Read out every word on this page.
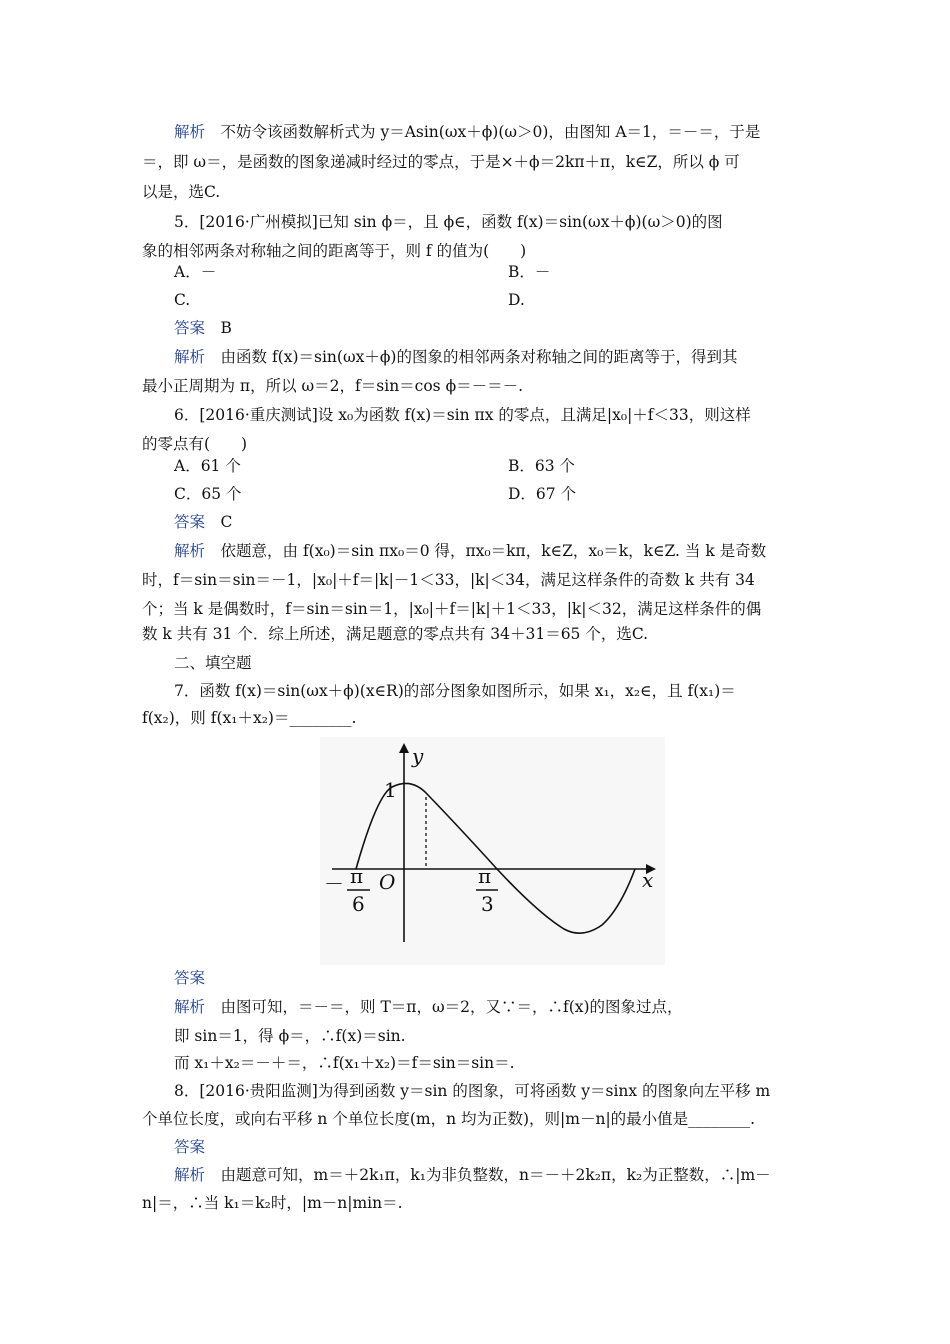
解析　不妨令该函数解析式为 y＝Asin(ωx＋ϕ)(ω＞0)，由图知 A＝1，＝－＝，于是
＝，即 ω＝，是函数的图象递减时经过的零点，于是×＋ϕ＝2kπ＋π，k∈Z，所以 ϕ 可
以是，选C.
5．[2016·广州模拟]已知 sin ϕ＝，且 ϕ∈，函数 f(x)＝sin(ωx＋ϕ)(ω＞0)的图
象的相邻两条对称轴之间的距离等于，则 f 的值为(　　)
A．－	B．－
C.	D.
答案　B
解析　由函数 f(x)＝sin(ωx＋ϕ)的图象的相邻两条对称轴之间的距离等于，得到其
最小正周期为 π，所以 ω＝2，f＝sin＝cos ϕ＝－＝－.
6．[2016·重庆测试]设 x₀为函数 f(x)＝sin πx 的零点，且满足|x₀|＋f＜33，则这样
的零点有(　　)
A．61 个	B．63 个
C．65 个	D．67 个
答案　C
解析　依题意，由 f(x₀)＝sin πx₀＝0 得，πx₀＝kπ，k∈Z，x₀＝k，k∈Z. 当 k 是奇数
时，f＝sin＝sin＝－1，|x₀|＋f＝|k|－1＜33，|k|＜34，满足这样条件的奇数 k 共有 34
个；当 k 是偶数时，f＝sin＝sin＝1，|x₀|＋f＝|k|＋1＜33，|k|＜32，满足这样条件的偶
数 k 共有 31 个．综上所述，满足题意的零点共有 34＋31＝65 个，选C.
二、填空题
7．函数 f(x)＝sin(ωx＋ϕ)(x∈R)的部分图象如图所示，如果 x₁，x₂∈，且 f(x₁)＝
f(x₂)，则 f(x₁＋x₂)＝________.
y
x
1
O
－ π
6
π
3
答案
解析　由图可知，＝－＝，则 T＝π，ω＝2，又∵＝，∴f(x)的图象过点，
即 sin＝1，得 ϕ＝，∴f(x)＝sin.
而 x₁＋x₂＝－＋＝，∴f(x₁＋x₂)＝f＝sin＝sin＝.
8．[2016·贵阳监测]为得到函数 y＝sin 的图象，可将函数 y＝sinx 的图象向左平移 m
个单位长度，或向右平移 n 个单位长度(m，n 均为正数)，则|m－n|的最小值是________.
答案
解析　由题意可知，m＝＋2k₁π，k₁为非负整数，n＝－＋2k₂π，k₂为正整数，∴|m－
n|＝，∴当 k₁＝k₂时，|m－n|min＝.
